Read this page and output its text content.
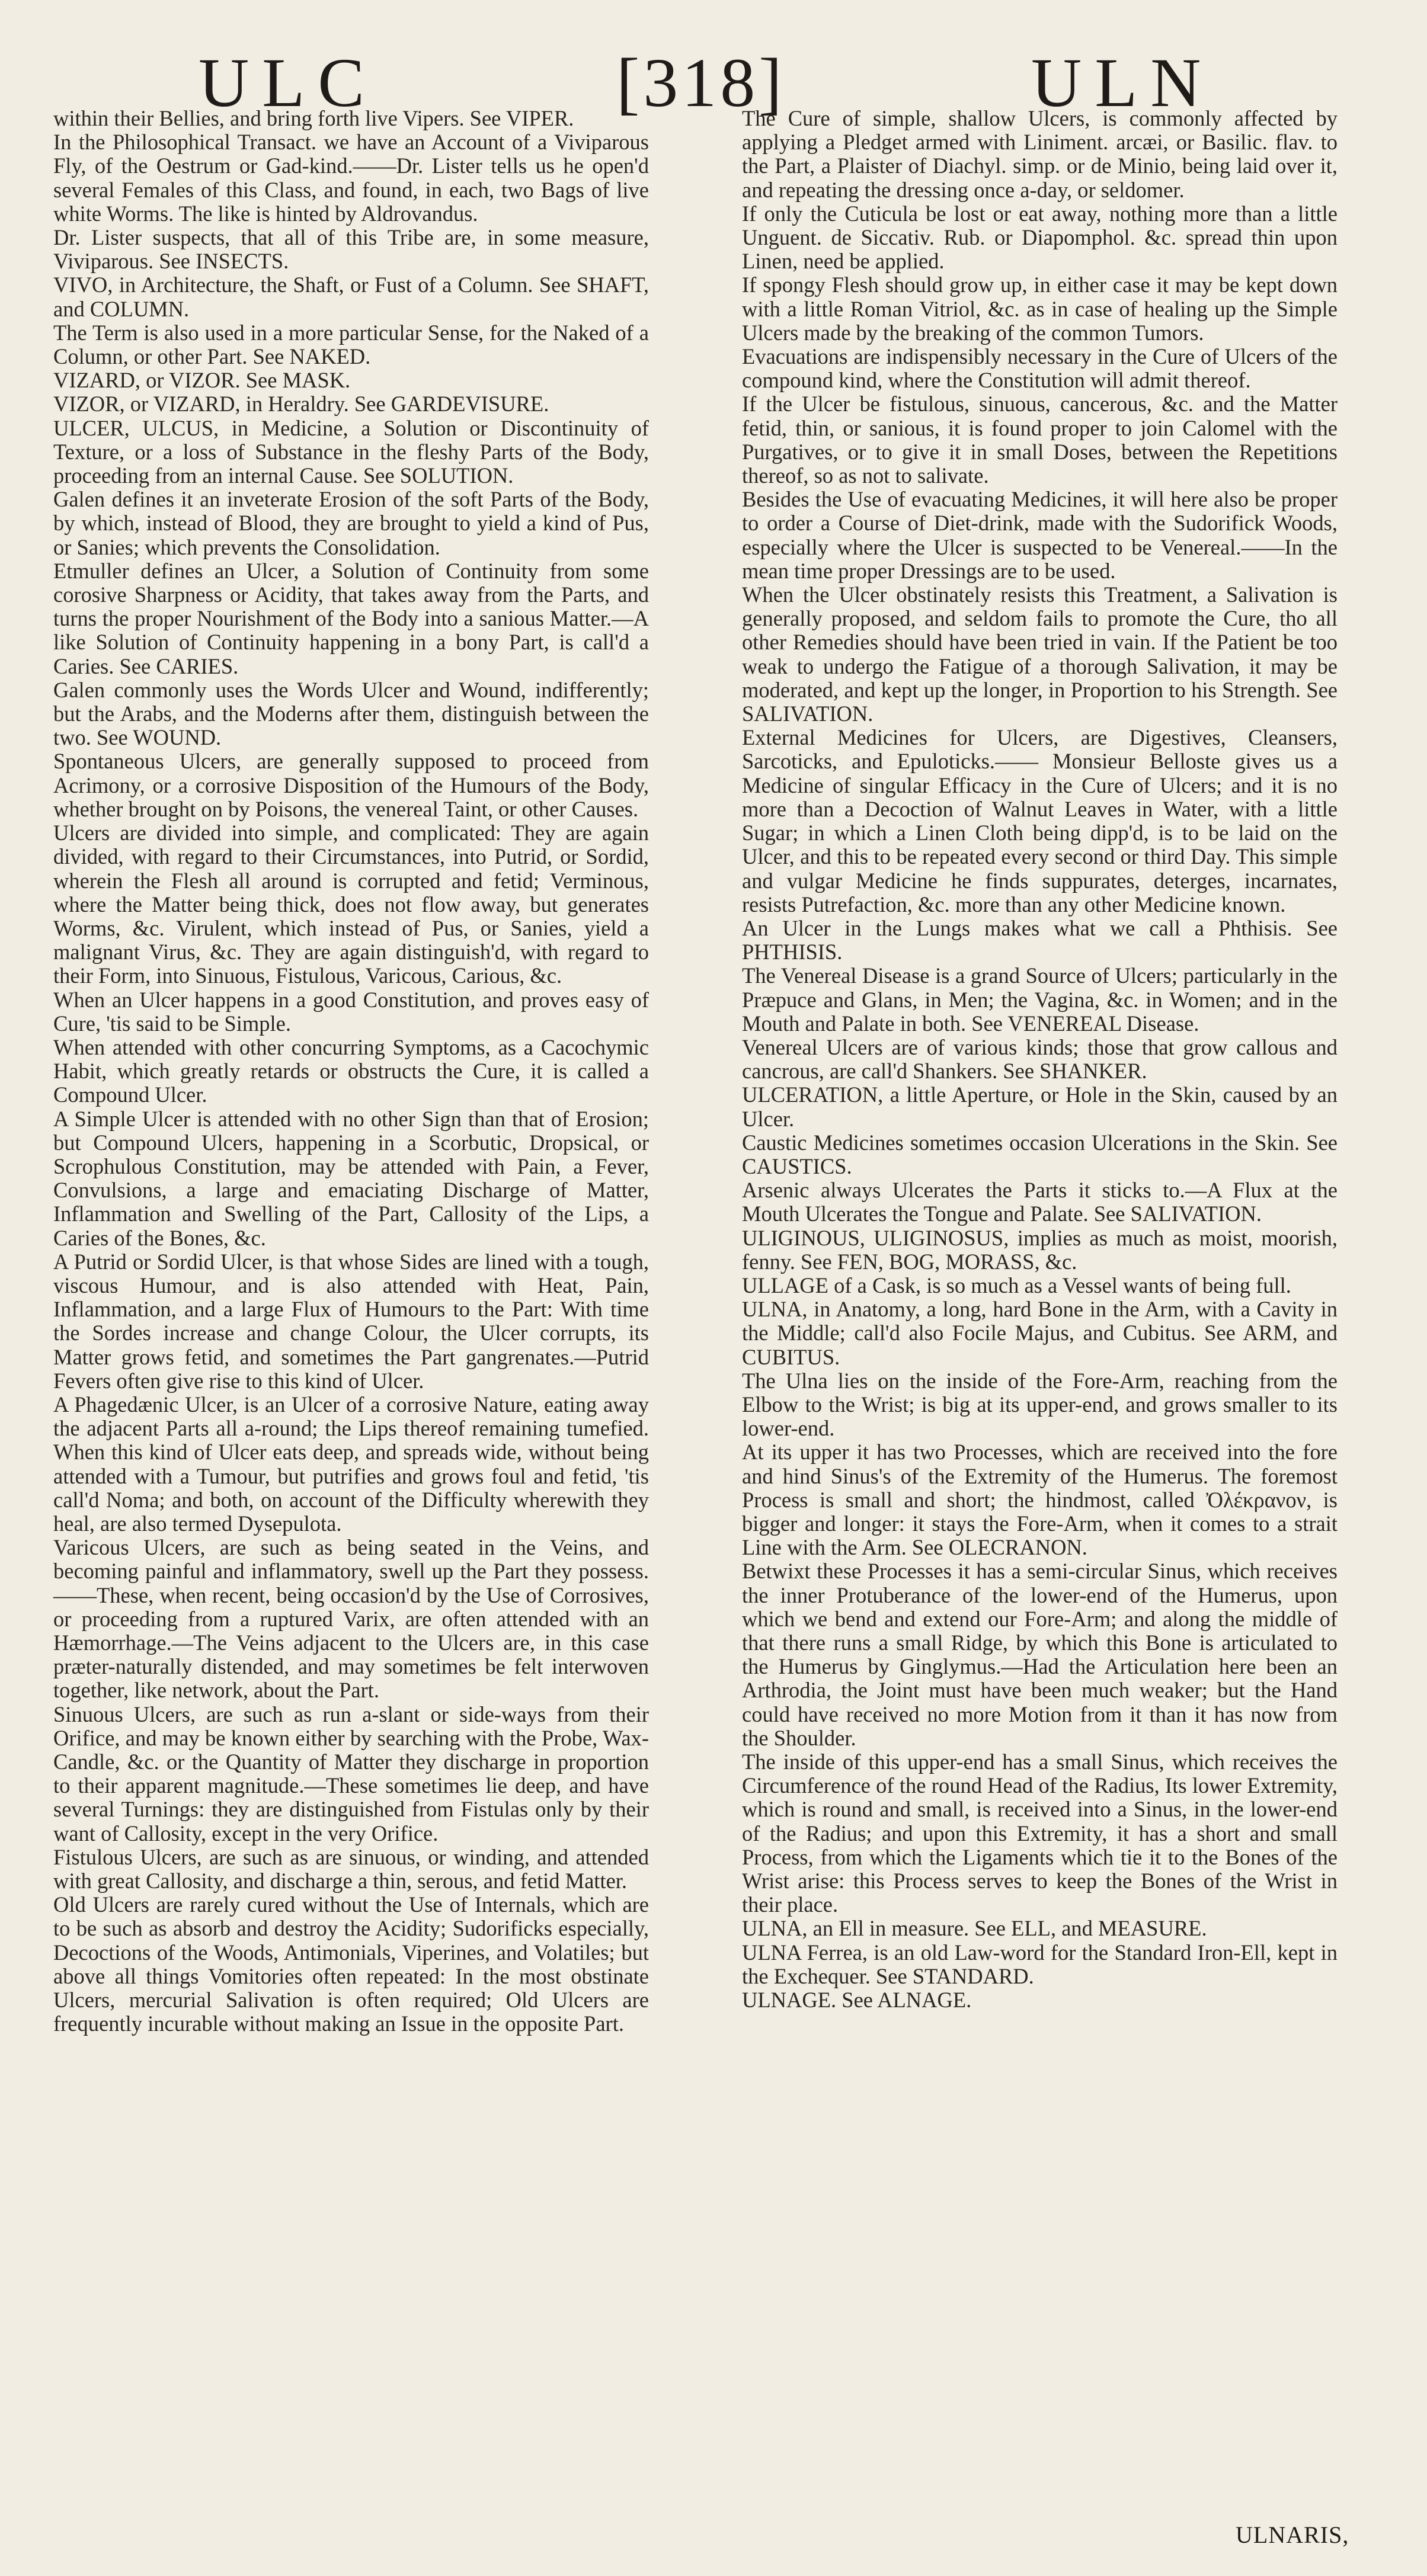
ULC	[318]	ULN

within their Bellies, and bring forth live Vipers. See VIPER.

In the Philosophical Transact. we have an Account of a Viviparous Fly, of the Oestrum or Gad-kind.——Dr. Lister tells us he open'd several Females of this Class, and found, in each, two Bags of live white Worms. The like is hinted by Aldrovandus.

Dr. Lister suspects, that all of this Tribe are, in some measure, Viviparous. See INSECTS.

VIVO, in Architecture, the Shaft, or Fust of a Column. See SHAFT, and COLUMN.

The Term is also used in a more particular Sense, for the Naked of a Column, or other Part. See NAKED.

VIZARD, or VIZOR. See MASK.

VIZOR, or VIZARD, in Heraldry. See GARDEVISURE.

ULCER, ULCUS, in Medicine, a Solution or Discontinuity of Texture, or a loss of Substance in the fleshy Parts of the Body, proceeding from an internal Cause. See SOLUTION.

Galen defines it an inveterate Erosion of the soft Parts of the Body, by which, instead of Blood, they are brought to yield a kind of Pus, or Sanies; which prevents the Consolidation.

Etmuller defines an Ulcer, a Solution of Continuity from some corosive Sharpness or Acidity, that takes away from the Parts, and turns the proper Nourishment of the Body into a sanious Matter.—A like Solution of Continuity happening in a bony Part, is call'd a Caries. See CARIES.

Galen commonly uses the Words Ulcer and Wound, indifferently; but the Arabs, and the Moderns after them, distinguish between the two. See WOUND.

Spontaneous Ulcers, are generally supposed to proceed from Acrimony, or a corrosive Disposition of the Humours of the Body, whether brought on by Poisons, the venereal Taint, or other Causes.

Ulcers are divided into simple, and complicated: They are again divided, with regard to their Circumstances, into Putrid, or Sordid, wherein the Flesh all around is corrupted and fetid; Verminous, where the Matter being thick, does not flow away, but generates Worms, &c. Virulent, which instead of Pus, or Sanies, yield a malignant Virus, &c. They are again distinguish'd, with regard to their Form, into Sinuous, Fistulous, Varicous, Carious, &c.

When an Ulcer happens in a good Constitution, and proves easy of Cure, 'tis said to be Simple.

When attended with other concurring Symptoms, as a Cacochymic Habit, which greatly retards or obstructs the Cure, it is called a Compound Ulcer.

A Simple Ulcer is attended with no other Sign than that of Erosion; but Compound Ulcers, happening in a Scorbutic, Dropsical, or Scrophulous Constitution, may be attended with Pain, a Fever, Convulsions, a large and emaciating Discharge of Matter, Inflammation and Swelling of the Part, Callosity of the Lips, a Caries of the Bones, &c.

A Putrid or Sordid Ulcer, is that whose Sides are lined with a tough, viscous Humour, and is also attended with Heat, Pain, Inflammation, and a large Flux of Humours to the Part: With time the Sordes increase and change Colour, the Ulcer corrupts, its Matter grows fetid, and sometimes the Part gangrenates.—Putrid Fevers often give rise to this kind of Ulcer.

A Phagedænic Ulcer, is an Ulcer of a corrosive Nature, eating away the adjacent Parts all a-round; the Lips thereof remaining tumefied. When this kind of Ulcer eats deep, and spreads wide, without being attended with a Tumour, but putrifies and grows foul and fetid, 'tis call'd Noma; and both, on account of the Difficulty wherewith they heal, are also termed Dysepulota.

Varicous Ulcers, are such as being seated in the Veins, and becoming painful and inflammatory, swell up the Part they possess.——These, when recent, being occasion'd by the Use of Corrosives, or proceeding from a ruptured Varix, are often attended with an Hæmorrhage.—The Veins adjacent to the Ulcers are, in this case præter-naturally distended, and may sometimes be felt interwoven together, like network, about the Part.

Sinuous Ulcers, are such as run a-slant or side-ways from their Orifice, and may be known either by searching with the Probe, Wax-Candle, &c. or the Quantity of Matter they discharge in proportion to their apparent magnitude.—These sometimes lie deep, and have several Turnings: they are distinguished from Fistulas only by their want of Callosity, except in the very Orifice.

Fistulous Ulcers, are such as are sinuous, or winding, and attended with great Callosity, and discharge a thin, serous, and fetid Matter.

Old Ulcers are rarely cured without the Use of Internals, which are to be such as absorb and destroy the Acidity; Sudorificks especially, Decoctions of the Woods, Antimonials, Viperines, and Volatiles; but above all things Vomitories often repeated: In the most obstinate Ulcers, mercurial Salivation is often required; Old Ulcers are frequently incurable without making an Issue in the opposite Part.

The Cure of simple, shallow Ulcers, is commonly affected by applying a Pledget armed with Liniment. arcæi, or Basilic. flav. to the Part, a Plaister of Diachyl. simp. or de Minio, being laid over it, and repeating the dressing once a-day, or seldomer.

If only the Cuticula be lost or eat away, nothing more than a little Unguent. de Siccativ. Rub. or Diapomphol. &c. spread thin upon Linen, need be applied.

If spongy Flesh should grow up, in either case it may be kept down with a little Roman Vitriol, &c. as in case of healing up the Simple Ulcers made by the breaking of the common Tumors.

Evacuations are indispensibly necessary in the Cure of Ulcers of the compound kind, where the Constitution will admit thereof.

If the Ulcer be fistulous, sinuous, cancerous, &c. and the Matter fetid, thin, or sanious, it is found proper to join Calomel with the Purgatives, or to give it in small Doses, between the Repetitions thereof, so as not to salivate.

Besides the Use of evacuating Medicines, it will here also be proper to order a Course of Diet-drink, made with the Sudorifick Woods, especially where the Ulcer is suspected to be Venereal.——In the mean time proper Dressings are to be used.

When the Ulcer obstinately resists this Treatment, a Salivation is generally proposed, and seldom fails to promote the Cure, tho all other Remedies should have been tried in vain. If the Patient be too weak to undergo the Fatigue of a thorough Salivation, it may be moderated, and kept up the longer, in Proportion to his Strength. See SALIVATION.

External Medicines for Ulcers, are Digestives, Cleansers, Sarcoticks, and Epuloticks.—— Monsieur Belloste gives us a Medicine of singular Efficacy in the Cure of Ulcers; and it is no more than a Decoction of Walnut Leaves in Water, with a little Sugar; in which a Linen Cloth being dipp'd, is to be laid on the Ulcer, and this to be repeated every second or third Day. This simple and vulgar Medicine he finds suppurates, deterges, incarnates, resists Putrefaction, &c. more than any other Medicine known.

An Ulcer in the Lungs makes what we call a Phthisis. See PHTHISIS.

The Venereal Disease is a grand Source of Ulcers; particularly in the Præpuce and Glans, in Men; the Vagina, &c. in Women; and in the Mouth and Palate in both. See VENEREAL Disease.

Venereal Ulcers are of various kinds; those that grow callous and cancrous, are call'd Shankers. See SHANKER.

ULCERATION, a little Aperture, or Hole in the Skin, caused by an Ulcer.

Caustic Medicines sometimes occasion Ulcerations in the Skin. See CAUSTICS.

Arsenic always Ulcerates the Parts it sticks to.—A Flux at the Mouth Ulcerates the Tongue and Palate. See SALIVATION.

ULIGINOUS, ULIGINOSUS, implies as much as moist, moorish, fenny. See FEN, BOG, MORASS, &c.

ULLAGE of a Cask, is so much as a Vessel wants of being full.

ULNA, in Anatomy, a long, hard Bone in the Arm, with a Cavity in the Middle; call'd also Focile Majus, and Cubitus. See ARM, and CUBITUS.

The Ulna lies on the inside of the Fore-Arm, reaching from the Elbow to the Wrist; is big at its upper-end, and grows smaller to its lower-end.

At its upper it has two Processes, which are received into the fore and hind Sinus's of the Extremity of the Humerus. The foremost Process is small and short; the hindmost, called Ὀλέκρανον, is bigger and longer: it stays the Fore-Arm, when it comes to a strait Line with the Arm. See OLECRANON.

Betwixt these Processes it has a semi-circular Sinus, which receives the inner Protuberance of the lower-end of the Humerus, upon which we bend and extend our Fore-Arm; and along the middle of that there runs a small Ridge, by which this Bone is articulated to the Humerus by Ginglymus.—Had the Articulation here been an Arthrodia, the Joint must have been much weaker; but the Hand could have received no more Motion from it than it has now from the Shoulder.

The inside of this upper-end has a small Sinus, which receives the Circumference of the round Head of the Radius, Its lower Extremity, which is round and small, is received into a Sinus, in the lower-end of the Radius; and upon this Extremity, it has a short and small Process, from which the Ligaments which tie it to the Bones of the Wrist arise: this Process serves to keep the Bones of the Wrist in their place.

ULNA, an Ell in measure. See ELL, and MEASURE.

ULNA Ferrea, is an old Law-word for the Standard Iron-Ell, kept in the Exchequer. See STANDARD.

ULNAGE. See ALNAGE.

ULNARIS,
